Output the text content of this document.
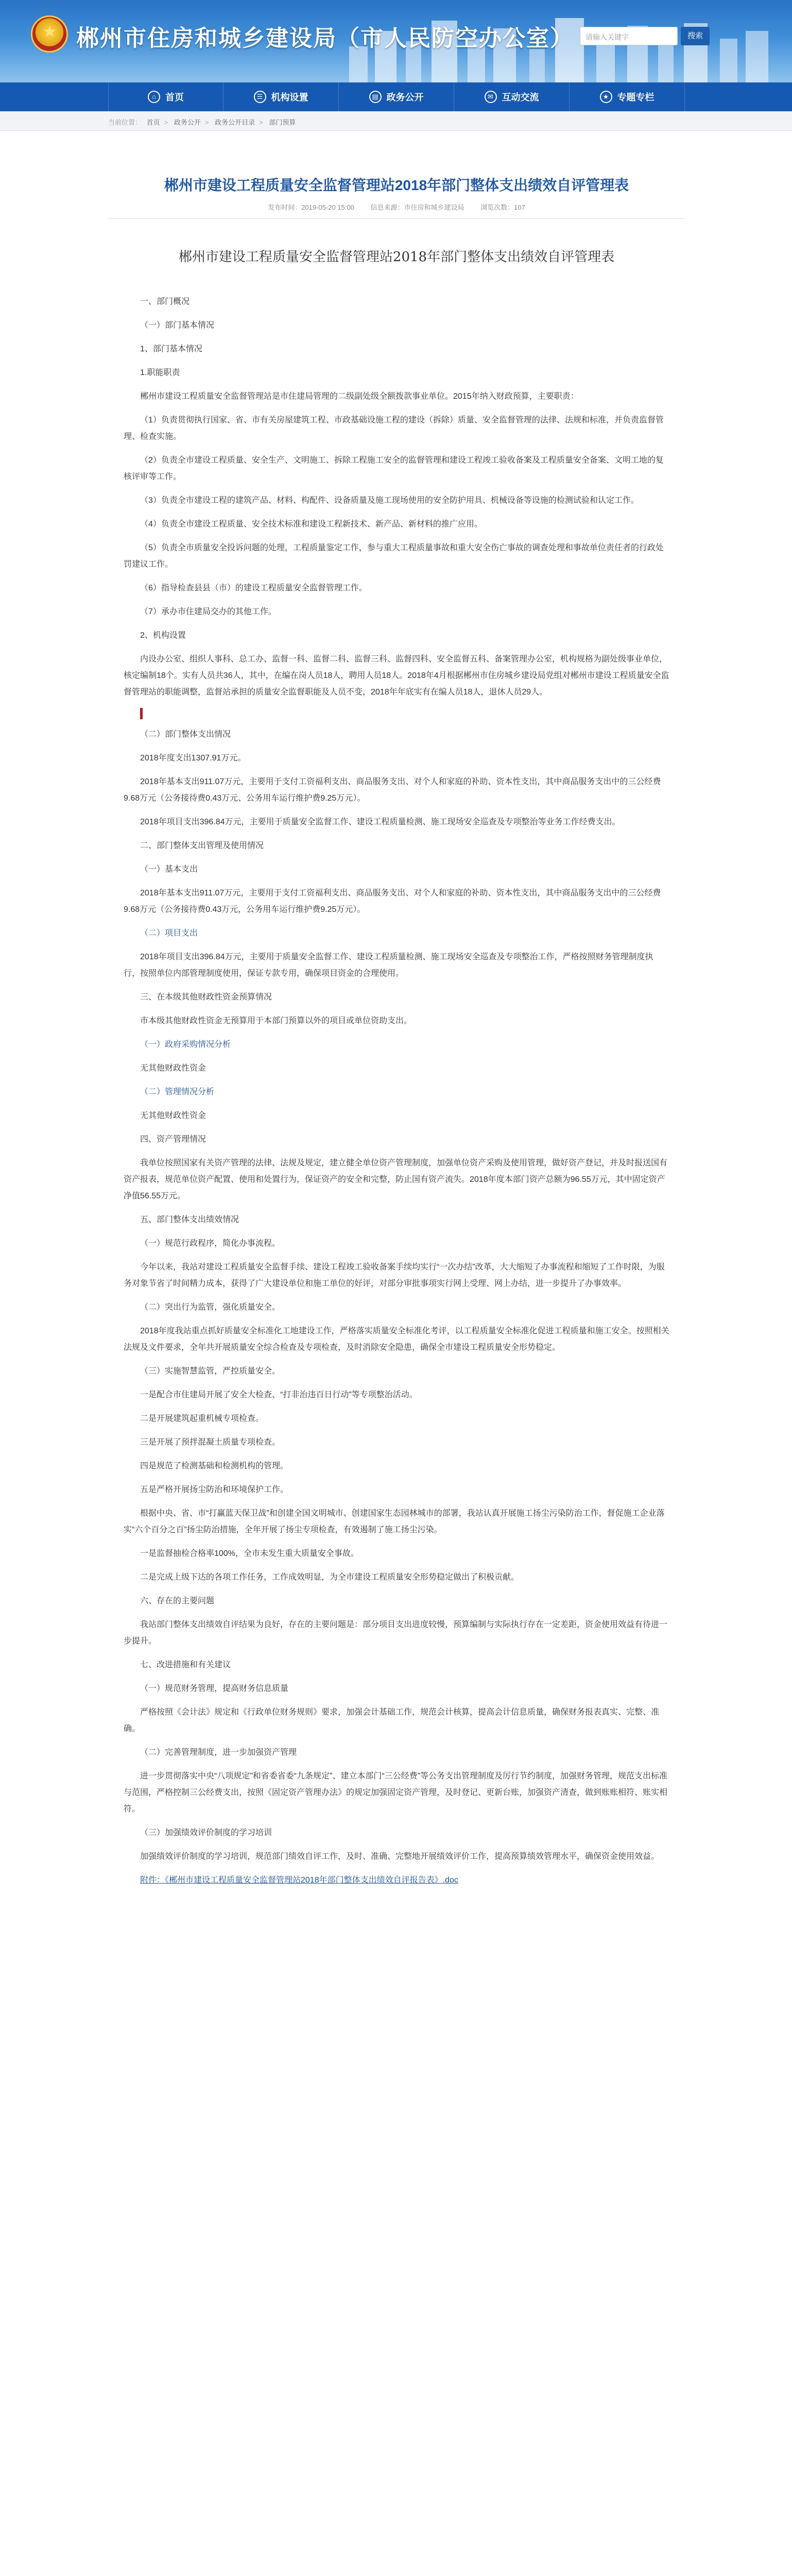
★ 郴州市住房和城乡建设局（市人民防空办公室）	请输入关键字	搜索
⌂	首页	☰ 机构设置	▤ 政务公开	✉ 互动交流	★ 专题专栏
当前位置： 首页 > 政务公开 > 政务公开目录 > 部门预算
郴州市建设工程质量安全监督管理站2018年部门整体支出绩效自评管理表
发布时间：2019-05-20 15:00 信息来源：市住房和城乡建设局 浏览次数：107
郴州市建设工程质量安全监督管理站2018年部门整体支出绩效自评管理表

一、部门概况

（一）部门基本情况

1、部门基本情况

1.职能职责

郴州市建设工程质量安全监督管理站是市住建局管理的二级副处级全额拨款事业单位。2015年纳入财政预算，主要职责：

（1）负责贯彻执行国家、省、市有关房屋建筑工程、市政基础设施工程的建设（拆除）质量、安全监督管理的法律、法规和标准，并负责监督管理、检查实施。

（2）负责全市建设工程质量、安全生产、文明施工、拆除工程施工安全的监督管理和建设工程竣工验收备案及工程质量安全备案、文明工地的复核评审等工作。

（3）负责全市建设工程的建筑产品、材料、构配件、设备质量及施工现场使用的安全防护用具、机械设备等设施的检测试验和认定工作。

（4）负责全市建设工程质量、安全技术标准和建设工程新技术、新产品、新材料的推广应用。

（5）负责全市质量安全投诉问题的处理，工程质量鉴定工作，参与重大工程质量事故和重大安全伤亡事故的调查处理和事故单位责任者的行政处罚建议工作。

（6）指导检查县县（市）的建设工程质量安全监督管理工作。

（7）承办市住建局交办的其他工作。

2、机构设置

内设办公室、组织人事科、总工办、监督一科、监督二科、监督三科、监督四科、安全监督五科、备案管理办公室，机构规格为副处级事业单位，核定编制18个。实有人员共36人，其中，在编在岗人员18人，聘用人员18人。2018年4月根据郴州市住房城乡建设局党组对郴州市建设工程质量安全监督管理站的职能调整，监督站承担的质量安全监督职能及人员不变，2018年年底实有在编人员18人，退休人员29人。

（二）部门整体支出情况

2018年度支出1307.91万元。

2018年基本支出911.07万元，主要用于支付工资福利支出、商品服务支出、对个人和家庭的补助、资本性支出，其中商品服务支出中的三公经费9.68万元（公务接待费0.43万元、公务用车运行维护费9.25万元）。

2018年项目支出396.84万元，主要用于质量安全监督工作、建设工程质量检测、施工现场安全巡查及专项整治等业务工作经费支出。

二、部门整体支出管理及使用情况

（一）基本支出

2018年基本支出911.07万元，主要用于支付工资福利支出、商品服务支出、对个人和家庭的补助、资本性支出，其中商品服务支出中的三公经费9.68万元（公务接待费0.43万元，公务用车运行维护费9.25万元）。

（二）项目支出

2018年项目支出396.84万元，主要用于质量安全监督工作、建设工程质量检测、施工现场安全巡查及专项整治工作，严格按照财务管理制度执行，按照单位内部管理制度使用，保证专款专用，确保项目资金的合理使用。

三、在本级其他财政性资金预算情况

市本级其他财政性资金无预算用于本部门预算以外的项目或单位资助支出。

（一）政府采购情况分析

无其他财政性资金

（二）管理情况分析

无其他财政性资金

四、资产管理情况

我单位按照国家有关资产管理的法律、法规及规定，建立健全单位资产管理制度，加强单位资产采购及使用管理，做好资产登记，并及时报送国有资产报表，规范单位资产配置、使用和处置行为，保证资产的安全和完整，防止国有资产流失。2018年度本部门资产总额为96.55万元，其中固定资产净值56.55万元。

五、部门整体支出绩效情况

（一）规范行政程序，简化办事流程。

今年以来，我站对建设工程质量安全监督手续、建设工程竣工验收备案手续均实行“一次办结”改革，大大缩短了办事流程和缩短了工作时限，为服务对象节省了时间精力成本，获得了广大建设单位和施工单位的好评，对部分审批事项实行网上受理、网上办结，进一步提升了办事效率。

（二）突出行为监管，强化质量安全。

2018年度我站重点抓好质量安全标准化工地建设工作，严格落实质量安全标准化考评，以工程质量安全标准化促进工程质量和施工安全。按照相关法规及文件要求，全年共开展质量安全综合检查及专项检查，及时消除安全隐患，确保全市建设工程质量安全形势稳定。

（三）实施智慧监管，严控质量安全。

一是配合市住建局开展了安全大检查、“打非治违百日行动”等专项整治活动。

二是开展建筑起重机械专项检查。

三是开展了预拌混凝土质量专项检查。

四是规范了检测基础和检测机构的管理。

五是严格开展扬尘防治和环境保护工作。

根据中央、省、市“打赢蓝天保卫战”和创建全国文明城市、创建国家生态园林城市的部署，我站认真开展施工扬尘污染防治工作，督促施工企业落实“六个百分之百”扬尘防治措施，全年开展了扬尘专项检查，有效遏制了施工扬尘污染。

一是监督抽检合格率100%，全市未发生重大质量安全事故。

二是完成上级下达的各项工作任务，工作成效明显，为全市建设工程质量安全形势稳定做出了积极贡献。

六、存在的主要问题

我站部门整体支出绩效自评结果为良好，存在的主要问题是：部分项目支出进度较慢，预算编制与实际执行存在一定差距，资金使用效益有待进一步提升。

七、改进措施和有关建议

（一）规范财务管理，提高财务信息质量

严格按照《会计法》规定和《行政单位财务规则》要求，加强会计基础工作，规范会计核算，提高会计信息质量，确保财务报表真实、完整、准确。

（二）完善管理制度，进一步加强资产管理

进一步贯彻落实中央“八项规定”和省委省委“九条规定”、建立本部门“三公经费”等公务支出管理制度及厉行节约制度，加强财务管理，规范支出标准与范围，严格控制三公经费支出，按照《固定资产管理办法》的规定加强固定资产管理，及时登记、更新台账，加强资产清查，做到账账相符、账实相符。

（三）加强绩效评价制度的学习培训

加强绩效评价制度的学习培训，规范部门绩效自评工作，及时、准确、完整地开展绩效评价工作，提高预算绩效管理水平，确保资金使用效益。

附件：《郴州市建设工程质量安全监督管理站2018年部门整体支出绩效自评报告表》.doc
